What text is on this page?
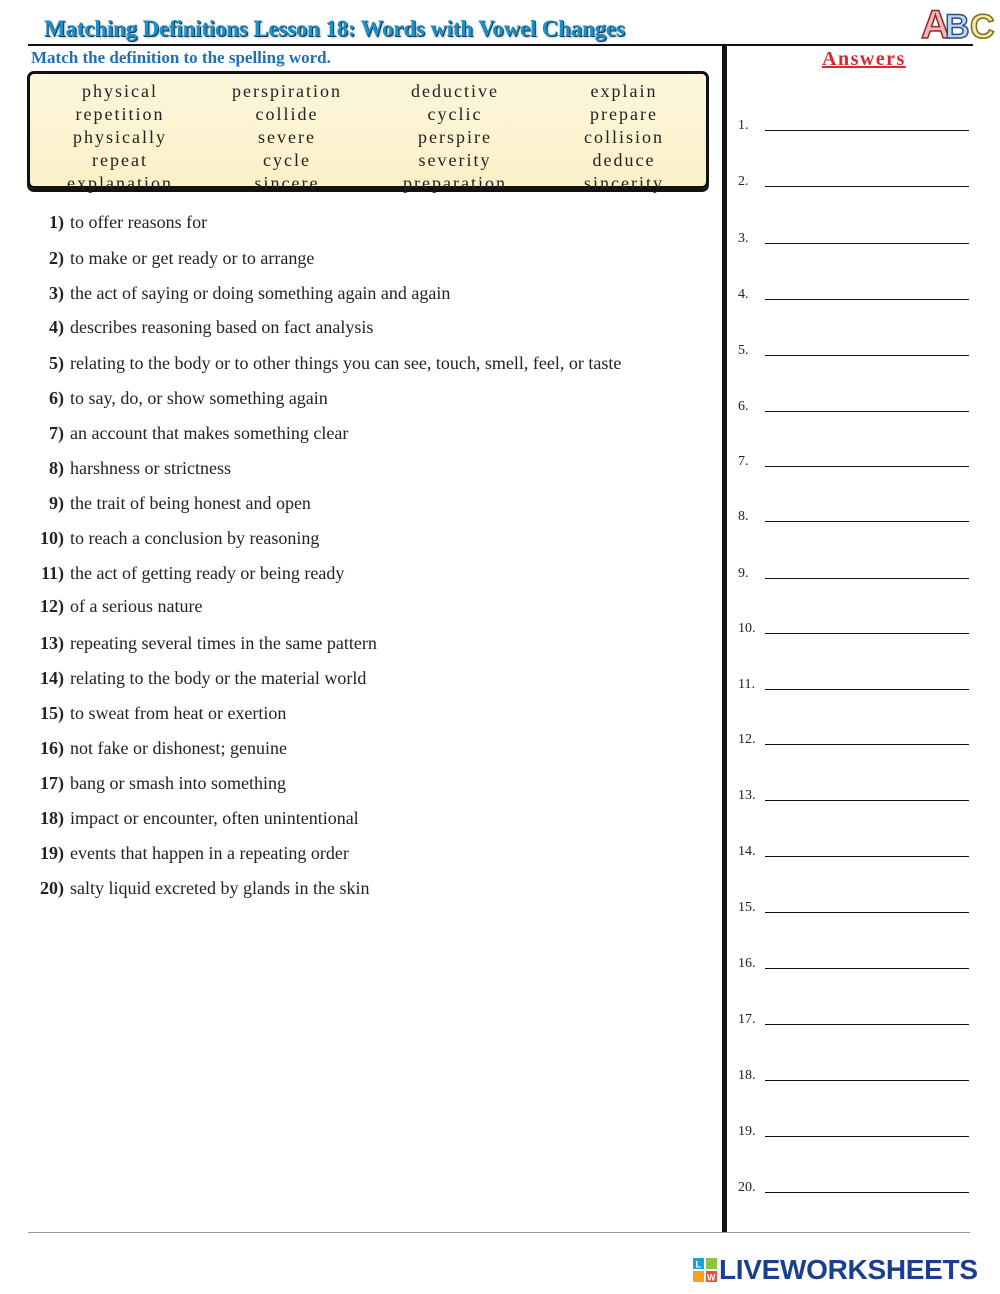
Matching Definitions Lesson 18: Words with Vowel Changes	A
B C
Match the definition to the spelling word.
physical
repetition
physically
repeat
explanation
perspiration
collide
severe
cycle
sincere
deductive
cyclic
perspire
severity
preparation
explain
prepare
collision
deduce
sincerity
1) to offer reasons for
2) to make or get ready or to arrange
3) the act of saying or doing something again and again
4) describes reasoning based on fact analysis
5) relating to the body or to other things you can see, touch, smell, feel, or taste
6) to say, do, or show something again
7) an account that makes something clear
8) harshness or strictness
9) the trait of being honest and open
10) to reach a conclusion by reasoning
11) the act of getting ready or being ready
12) of a serious nature
13) repeating several times in the same pattern
14) relating to the body or the material world
15) to sweat from heat or exertion
16) not fake or dishonest; genuine
17) bang or smash into something
18) impact or encounter, often unintentional
19) events that happen in a repeating order
20) salty liquid excreted by glands in the skin
Answers
1.
2.
3.
4.
5.
6.
7.
8.
9.
10.
11.
12.
13.
14.
15.
16.
17.
18.
19.
20.
L
W LIVEWORKSHEETS
